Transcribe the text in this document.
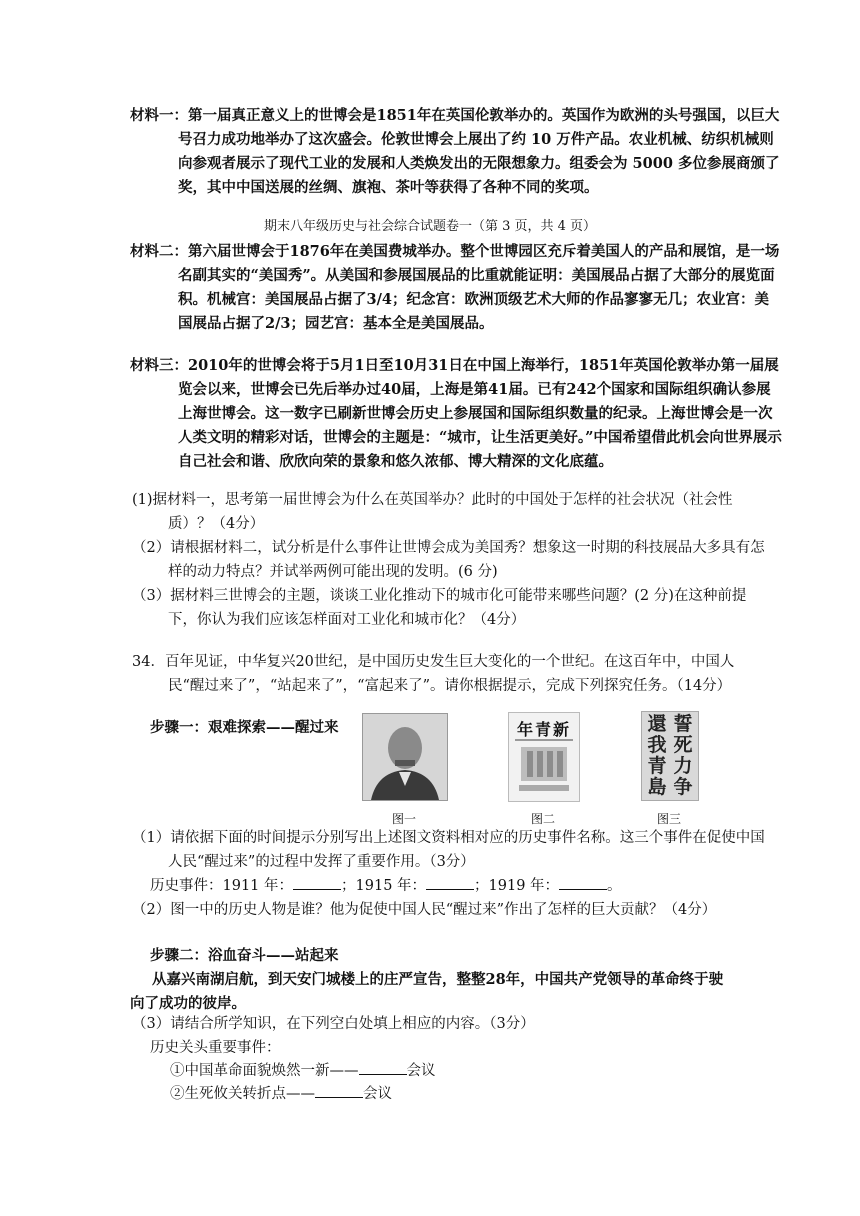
材料一：第一届真正意义上的世博会是1851年在英国伦敦举办的。英国作为欧洲的头号强国，以巨大号召力成功地举办了这次盛会。伦敦世博会上展出了约 10 万件产品。农业机械、纺织机械则向参观者展示了现代工业的发展和人类焕发出的无限想象力。组委会为 5000 多位参展商颁了奖，其中中国送展的丝绸、旗袍、茶叶等获得了各种不同的奖项。
期末八年级历史与社会综合试题卷一（第 3 页，共 4 页）
材料二：第六届世博会于1876年在美国费城举办。整个世博园区充斥着美国人的产品和展馆，是一场名副其实的“美国秀”。从美国和参展国展品的比重就能证明：美国展品占据了大部分的展览面积。机械宫：美国展品占据了3/4；纪念宫：欧洲顶级艺术大师的作品寥寥无几；农业宫：美国展品占据了2/3；园艺宫：基本全是美国展品。
材料三：2010年的世博会将于5月1日至10月31日在中国上海举行，1851年英国伦敦举办第一届展览会以来，世博会已先后举办过40届，上海是第41届。已有242个国家和国际组织确认参展上海世博会。这一数字已刷新世博会历史上参展国和国际组织数量的纪录。上海世博会是一次人类文明的精彩对话，世博会的主题是：“城市，让生活更美好。”中国希望借此机会向世界展示自己社会和谐、欣欣向荣的景象和悠久浓郁、博大精深的文化底蕴。
(1)据材料一，思考第一届世博会为什么在英国举办？此时的中国处于怎样的社会状况（社会性质）？（4分）
（2）请根据材料二，试分析是什么事件让世博会成为美国秀？想象这一时期的科技展品大多具有怎样的动力特点？并试举两例可能出现的发明。(6 分)
（3）据材料三世博会的主题，谈谈工业化推动下的城市化可能带来哪些问题？(2 分)在这种前提下，你认为我们应该怎样面对工业化和城市化？（4分）
34．百年见证，中华复兴20世纪，是中国历史发生巨大变化的一个世纪。在这百年中，中国人民“醒过来了”，“站起来了”，“富起来了”。请你根据提示，完成下列探究任务。（14分）
步骤一：艰难探索——醒过来
图一
年青新
图二
誓
死
力
争
還
我
青
島
图三
（1）请依据下面的时间提示分别写出上述图文资料相对应的历史事件名称。这三个事件在促使中国人民“醒过来”的过程中发挥了重要作用。（3分）
历史事件：1911 年：	；1915 年：	；1919 年：	。
（2）图一中的历史人物是谁？他为促使中国人民“醒过来”作出了怎样的巨大贡献？（4分）
步骤二：浴血奋斗——站起来
从嘉兴南湖启航，到天安门城楼上的庄严宣告，整整28年，中国共产党领导的革命终于驶向了成功的彼岸。
（3）请结合所学知识，在下列空白处填上相应的内容。（3分）
历史关头重要事件：
①中国革命面貌焕然一新——	会议
②生死攸关转折点——	会议
